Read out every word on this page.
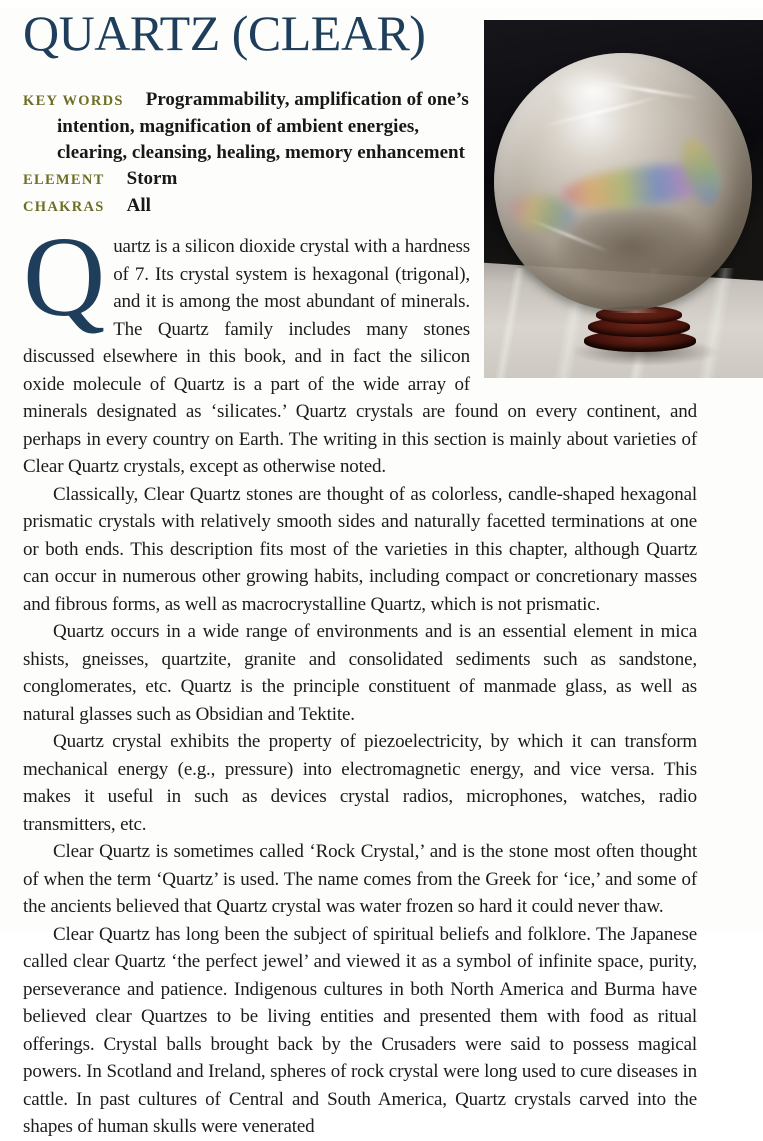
QUARTZ (CLEAR)
KEY WORDS Programmability, amplification of one’s intention, magnification of ambient energies, clearing, cleansing, healing, memory enhancement
ELEMENT Storm
CHAKRAS All

Quartz is a silicon dioxide crystal with a hardness of 7. Its crystal system is hexagonal (trigonal), and it is among the most abundant of minerals. The Quartz family includes many stones discussed elsewhere in this book, and in fact the silicon oxide molecule of Quartz is a part of the wide array of minerals designated as ‘silicates.’ Quartz crystals are found on every continent, and perhaps in every country on Earth. The writing in this section is mainly about varieties of Clear Quartz crystals, except as otherwise noted.

Classically, Clear Quartz stones are thought of as colorless, candle-shaped hexagonal prismatic crystals with relatively smooth sides and naturally facetted terminations at one or both ends. This description fits most of the varieties in this chapter, although Quartz can occur in numerous other growing habits, including compact or concretionary masses and fibrous forms, as well as macrocrystalline Quartz, which is not prismatic.

Quartz occurs in a wide range of environments and is an essential element in mica shists, gneisses, quartzite, granite and consolidated sediments such as sandstone, conglomerates, etc. Quartz is the principle constituent of manmade glass, as well as natural glasses such as Obsidian and Tektite.

Quartz crystal exhibits the property of piezoelectricity, by which it can transform mechanical energy (e.g., pressure) into electromagnetic energy, and vice versa. This makes it useful in such as devices crystal radios, microphones, watches, radio transmitters, etc.

Clear Quartz is sometimes called ‘Rock Crystal,’ and is the stone most often thought of when the term ‘Quartz’ is used. The name comes from the Greek for ‘ice,’ and some of the ancients believed that Quartz crystal was water frozen so hard it could never thaw.

Clear Quartz has long been the subject of spiritual beliefs and folklore. The Japanese called clear Quartz ‘the perfect jewel’ and viewed it as a symbol of infinite space, purity, perseverance and patience. Indigenous cultures in both North America and Burma have believed clear Quartzes to be living entities and presented them with food as ritual offerings. Crystal balls brought back by the Crusaders were said to possess magical powers. In Scotland and Ireland, spheres of rock crystal were long used to cure diseases in cattle. In past cultures of Central and South America, Quartz crystals carved into the shapes of human skulls were venerated
